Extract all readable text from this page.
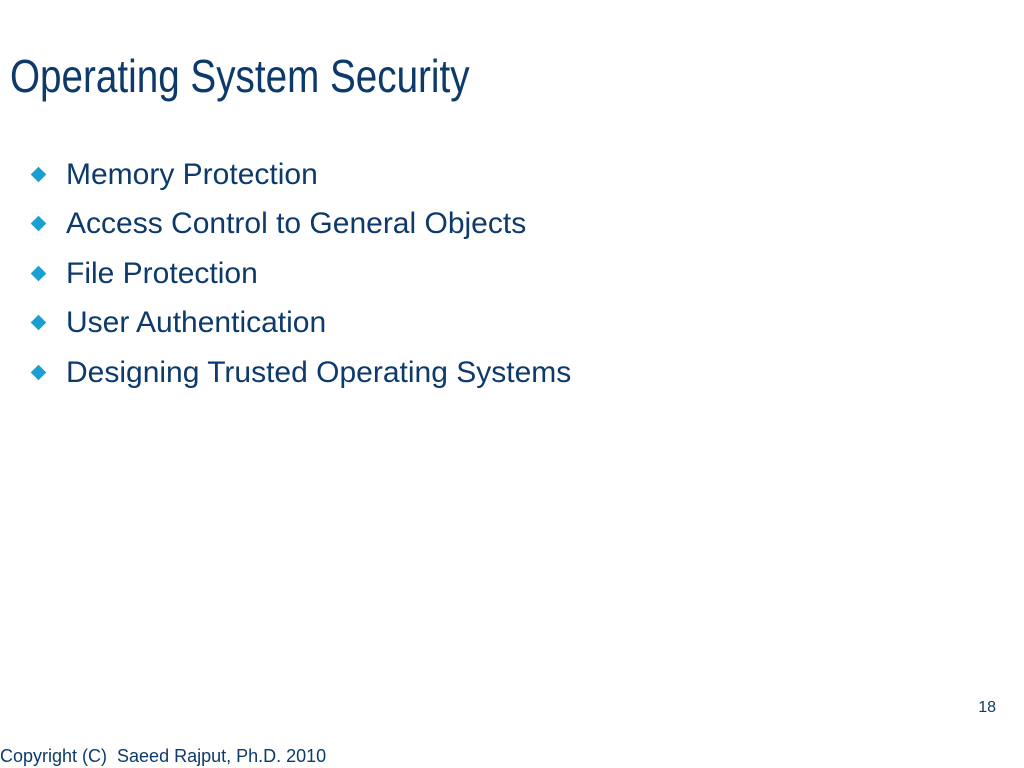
Operating System Security
Memory Protection
Access Control to General Objects
File Protection
User Authentication
Designing Trusted Operating Systems
18
Copyright (C)  Saeed Rajput, Ph.D. 2010
